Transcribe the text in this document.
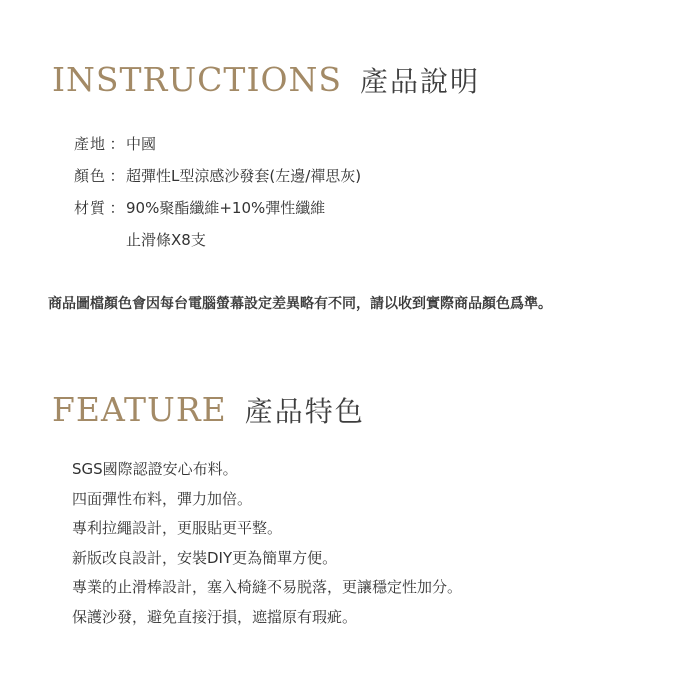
INSTRUCTIONS 產品說明
產地 ： 中國
顏色 ： 超彈性L型涼感沙發套(左邊/禪思灰)
材質 ： 90%聚酯纖維+10%彈性纖維
止滑條X8支
商品圖檔顏色會因每台電腦螢幕設定差異略有不同，請以收到實際商品顏色爲準。
FEATURE 產品特色
SGS國際認證安心布料。
四面彈性布料，彈力加倍。
專利拉繩設計，更服貼更平整。
新版改良設計，安裝DIY更為簡單方便。
專業的止滑棒設計，塞入椅縫不易脱落，更讓穩定性加分。
保護沙發，避免直接汙損，遮擋原有瑕疵。
